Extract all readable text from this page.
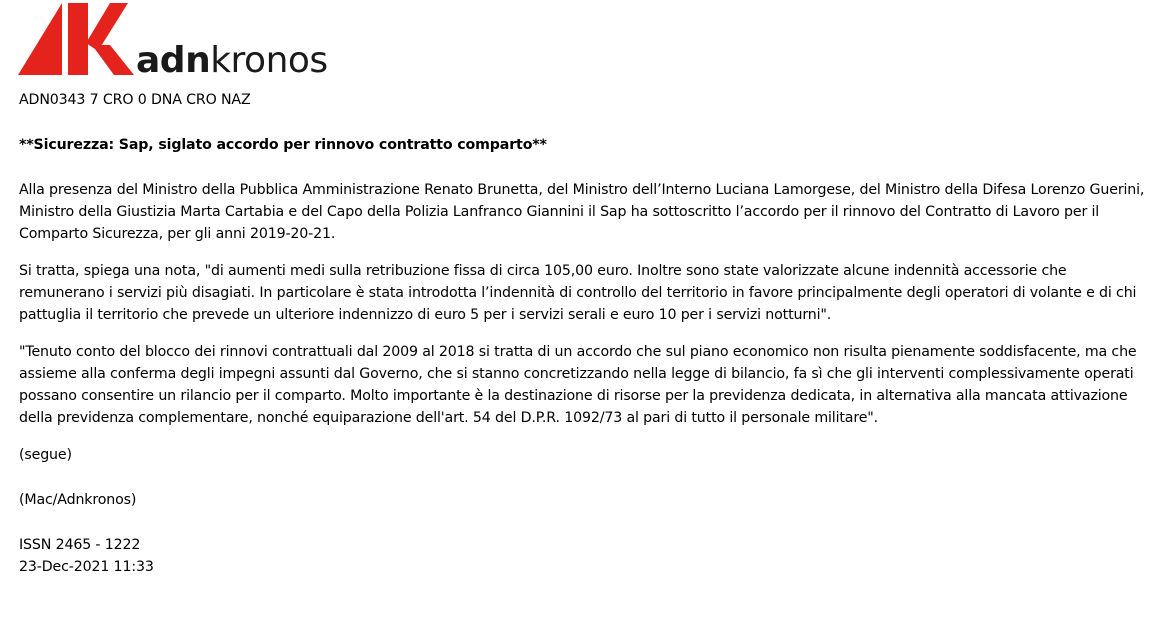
adnkronos

ADN0343 7 CRO 0 DNA CRO NAZ

**Sicurezza: Sap, siglato accordo per rinnovo contratto comparto**

Alla presenza del Ministro della Pubblica Amministrazione Renato Brunetta, del Ministro dell’Interno Luciana Lamorgese, del Ministro della Difesa Lorenzo Guerini, Ministro della Giustizia Marta Cartabia e del Capo della Polizia Lanfranco Giannini il Sap ha sottoscritto l’accordo per il rinnovo del Contratto di Lavoro per il Comparto Sicurezza, per gli anni 2019-20-21.

Si tratta, spiega una nota, "di aumenti medi sulla retribuzione fissa di circa 105,00 euro. Inoltre sono state valorizzate alcune indennità accessorie che remunerano i servizi più disagiati. In particolare è stata introdotta l’indennità di controllo del territorio in favore principalmente degli operatori di volante e di chi pattuglia il territorio che prevede un ulteriore indennizzo di euro 5 per i servizi serali e euro 10 per i servizi notturni".

"Tenuto conto del blocco dei rinnovi contrattuali dal 2009 al 2018 si tratta di un accordo che sul piano economico non risulta pienamente soddisfacente, ma che assieme alla conferma degli impegni assunti dal Governo, che si stanno concretizzando nella legge di bilancio, fa sì che gli interventi complessivamente operati possano consentire un rilancio per il comparto. Molto importante è la destinazione di risorse per la previdenza dedicata, in alternativa alla mancata attivazione della previdenza complementare, nonché equiparazione dell'art. 54 del D.P.R. 1092/73 al pari di tutto il personale militare".

(segue)

(Mac/Adnkronos)

ISSN 2465 - 1222

23-Dec-2021 11:33
